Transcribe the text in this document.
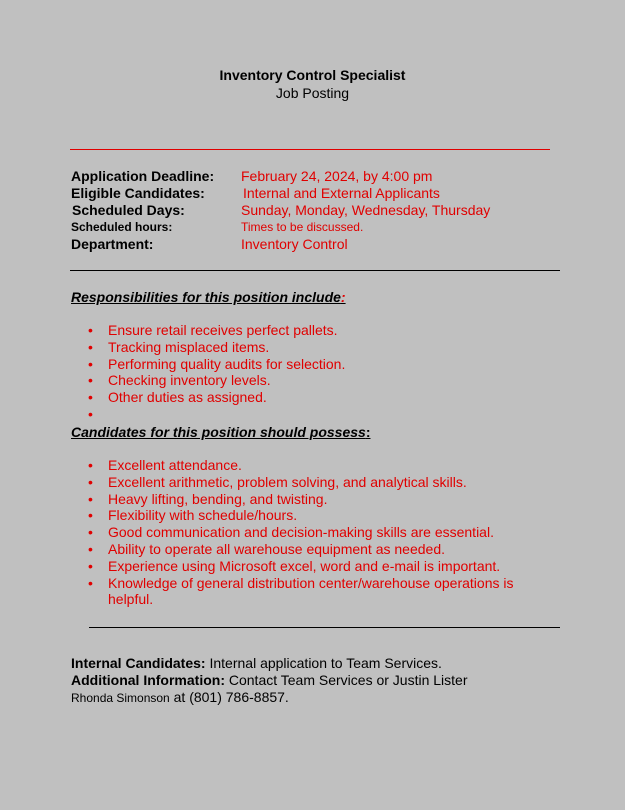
Inventory Control Specialist
Job Posting
Application Deadline: February 24, 2024, by 4:00 pm
Eligible Candidates:	Internal and External Applicants
Scheduled Days:	Sunday, Monday, Wednesday, Thursday
Scheduled hours:	Times to be discussed.
Department:	Inventory Control
Responsibilities for this position include:
• Ensure retail receives perfect pallets.
• Tracking misplaced items.
• Performing quality audits for selection.
• Checking inventory levels.
• Other duties as assigned.
•
Candidates for this position should possess:
• Excellent attendance.
• Excellent arithmetic, problem solving, and analytical skills.
• Heavy lifting, bending, and twisting.
• Flexibility with schedule/hours.
• Good communication and decision-making skills are essential.
• Ability to operate all warehouse equipment as needed.
• Experience using Microsoft excel, word and e-mail is important.
• Knowledge of general distribution center/warehouse operations is helpful.
Internal Candidates: Internal application to Team Services.
Additional Information: Contact Team Services or Justin Lister
Rhonda Simonson at (801) 786-8857.
